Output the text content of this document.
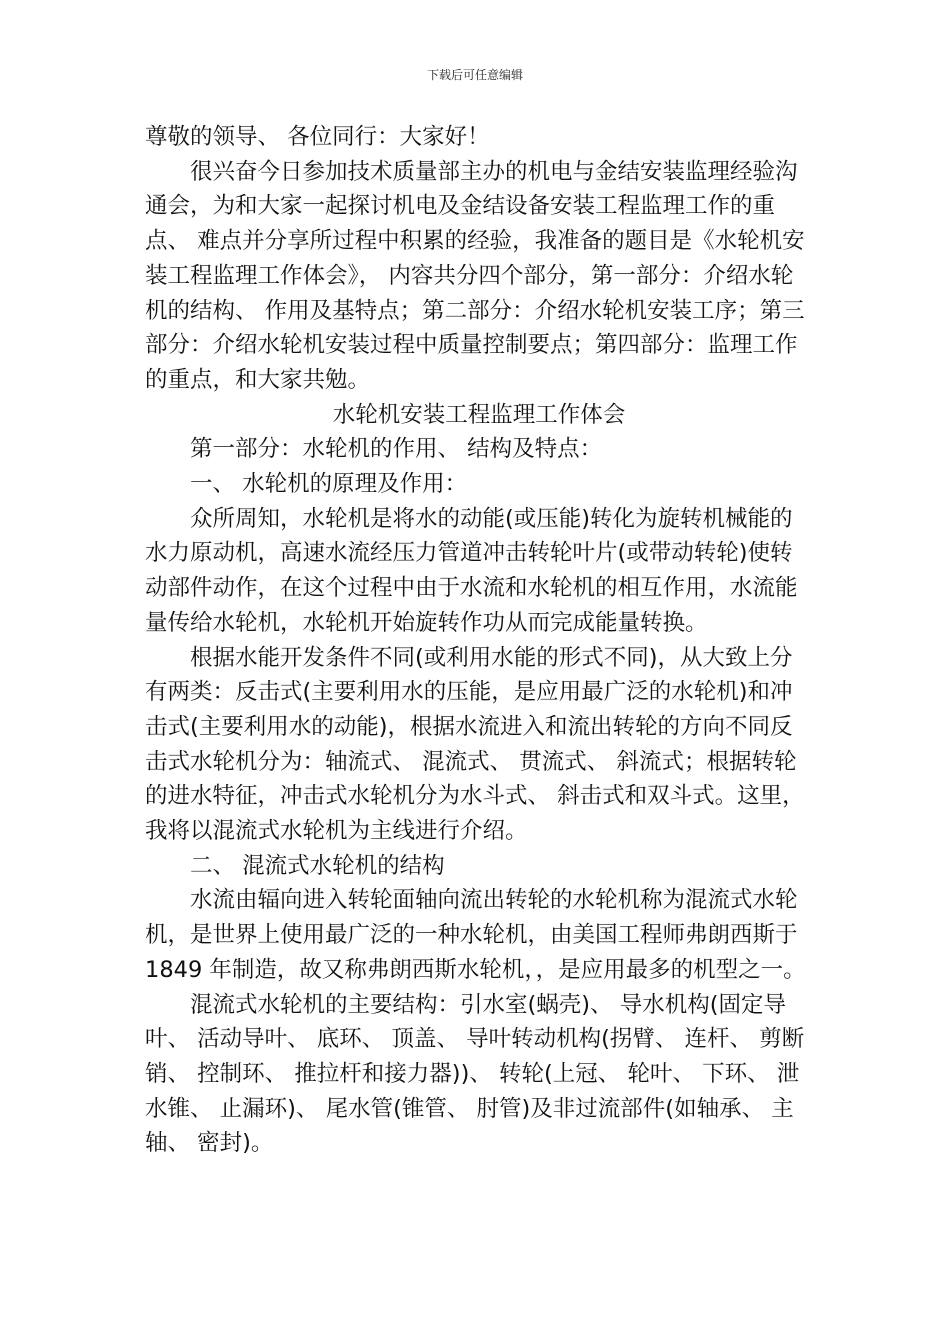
下载后可任意编辑

尊敬的领导、 各位同行：大家好！

很兴奋今日参加技术质量部主办的机电与金结安装监理经验沟通会，为和大家一起探讨机电及金结设备安装工程监理工作的重点、 难点并分享所过程中积累的经验，我准备的题目是《水轮机安装工程监理工作体会》， 内容共分四个部分，第一部分：介绍水轮机的结构、 作用及基特点；第二部分：介绍水轮机安装工序；第三部分：介绍水轮机安装过程中质量控制要点；第四部分：监理工作的重点，和大家共勉。

水轮机安装工程监理工作体会

第一部分：水轮机的作用、 结构及特点：

一、 水轮机的原理及作用：

众所周知，水轮机是将水的动能(或压能)转化为旋转机械能的水力原动机，高速水流经压力管道冲击转轮叶片(或带动转轮)使转动部件动作，在这个过程中由于水流和水轮机的相互作用，水流能量传给水轮机，水轮机开始旋转作功从而完成能量转换。

根据水能开发条件不同(或利用水能的形式不同)，从大致上分有两类：反击式(主要利用水的压能，是应用最广泛的水轮机)和冲击式(主要利用水的动能)，根据水流进入和流出转轮的方向不同反击式水轮机分为：轴流式、 混流式、 贯流式、 斜流式；根据转轮的进水特征，冲击式水轮机分为水斗式、 斜击式和双斗式。这里，我将以混流式水轮机为主线进行介绍。

二、 混流式水轮机的结构

水流由辐向进入转轮面轴向流出转轮的水轮机称为混流式水轮机，是世界上使用最广泛的一种水轮机，由美国工程师弗朗西斯于 1849 年制造，故又称弗朗西斯水轮机，，是应用最多的机型之一。

混流式水轮机的主要结构：引水室(蜗壳)、 导水机构(固定导叶、 活动导叶、 底环、 顶盖、 导叶转动机构(拐臂、 连杆、 剪断销、 控制环、 推拉杆和接力器))、 转轮(上冠、 轮叶、 下环、 泄水锥、 止漏环)、 尾水管(锥管、 肘管)及非过流部件(如轴承、 主轴、 密封)。
